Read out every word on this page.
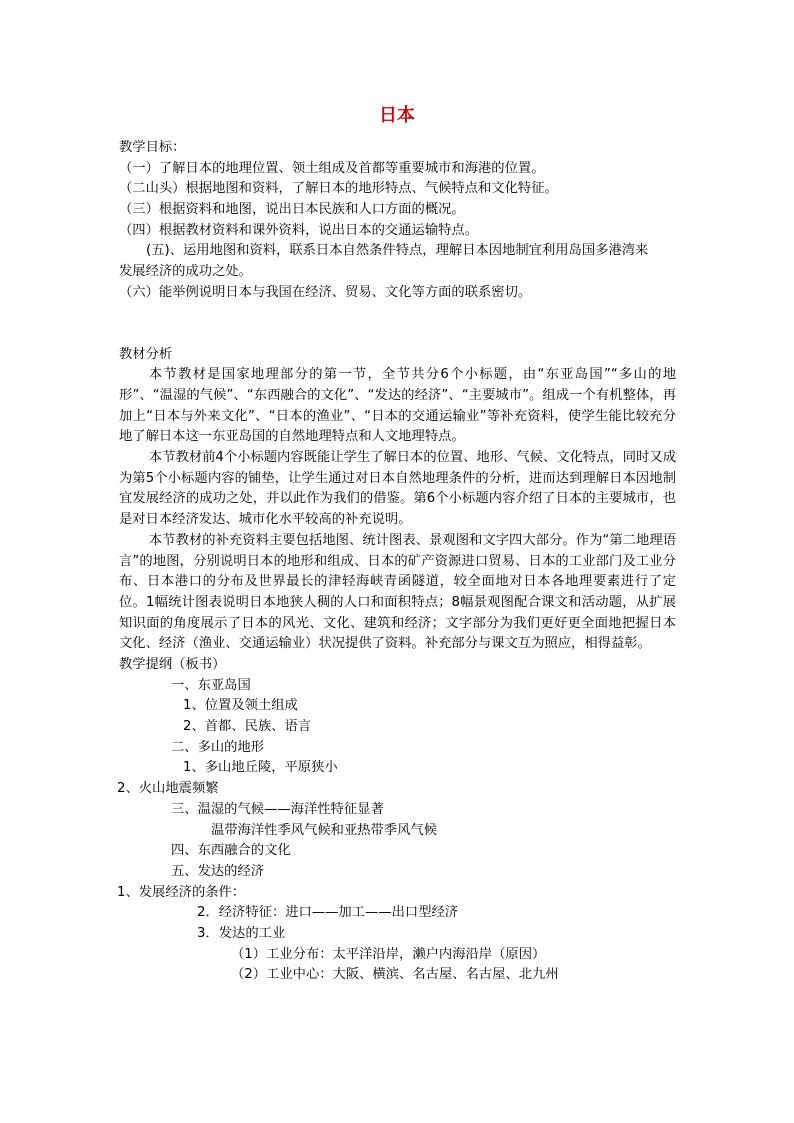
日本
教学目标：
（一）了解日本的地理位置、领土组成及首都等重要城市和海港的位置。
（二山头）根据地图和资料，了解日本的地形特点、气候特点和文化特征。
（三）根据资料和地图，说出日本民族和人口方面的概况。
（四）根据教材资料和课外资料，说出日本的交通运输特点。
(五)、运用地图和资料，联系日本自然条件特点，理解日本因地制宜利用岛国多港湾来
发展经济的成功之处。
（六）能举例说明日本与我国在经济、贸易、文化等方面的联系密切。
教材分析
本节教材是国家地理部分的第一节，全节共分6个小标题，由“东亚岛国”“多山的地形”、“温湿的气候”、“东西融合的文化”、“发达的经济”、“主要城市”。组成一个有机整体，再加上“日本与外来文化”、“日本的渔业”、“日本的交通运输业”等补充资料，使学生能比较充分地了解日本这一东亚岛国的自然地理特点和人文地理特点。
本节教材前4个小标题内容既能让学生了解日本的位置、地形、气候、文化特点，同时又成为第5个小标题内容的铺垫，让学生通过对日本自然地理条件的分析，进而达到理解日本因地制宜发展经济的成功之处，并以此作为我们的借鉴。第6个小标题内容介绍了日本的主要城市，也是对日本经济发达、城市化水平较高的补充说明。
本节教材的补充资料主要包括地图、统计图表、景观图和文字四大部分。作为“第二地理语言”的地图，分别说明日本的地形和组成、日本的矿产资源进口贸易、日本的工业部门及工业分布、日本港口的分布及世界最长的津轻海峡青函隧道，较全面地对日本各地理要素进行了定位。1幅统计图表说明日本地狭人稠的人口和面积特点；8幅景观图配合课文和活动题，从扩展知识面的角度展示了日本的风光、文化、建筑和经济；文字部分为我们更好更全面地把握日本文化、经济（渔业、交通运输业）状况提供了资料。补充部分与课文互为照应，相得益彰。
教学提纲（板书）
一、东亚岛国
1、位置及领土组成
2、首都、民族、语言
二、多山的地形
1、多山地丘陵，平原狭小
2、火山地震频繁
三、温湿的气候——海洋性特征显著
温带海洋性季风气候和亚热带季风气候
四、东西融合的文化
五、发达的经济
1、发展经济的条件：
2．经济特征：进口——加工——出口型经济
3．发达的工业
（1）工业分布：太平洋沿岸，濑户内海沿岸（原因）
（2）工业中心：大阪、横滨、名古屋、名古屋、北九州
